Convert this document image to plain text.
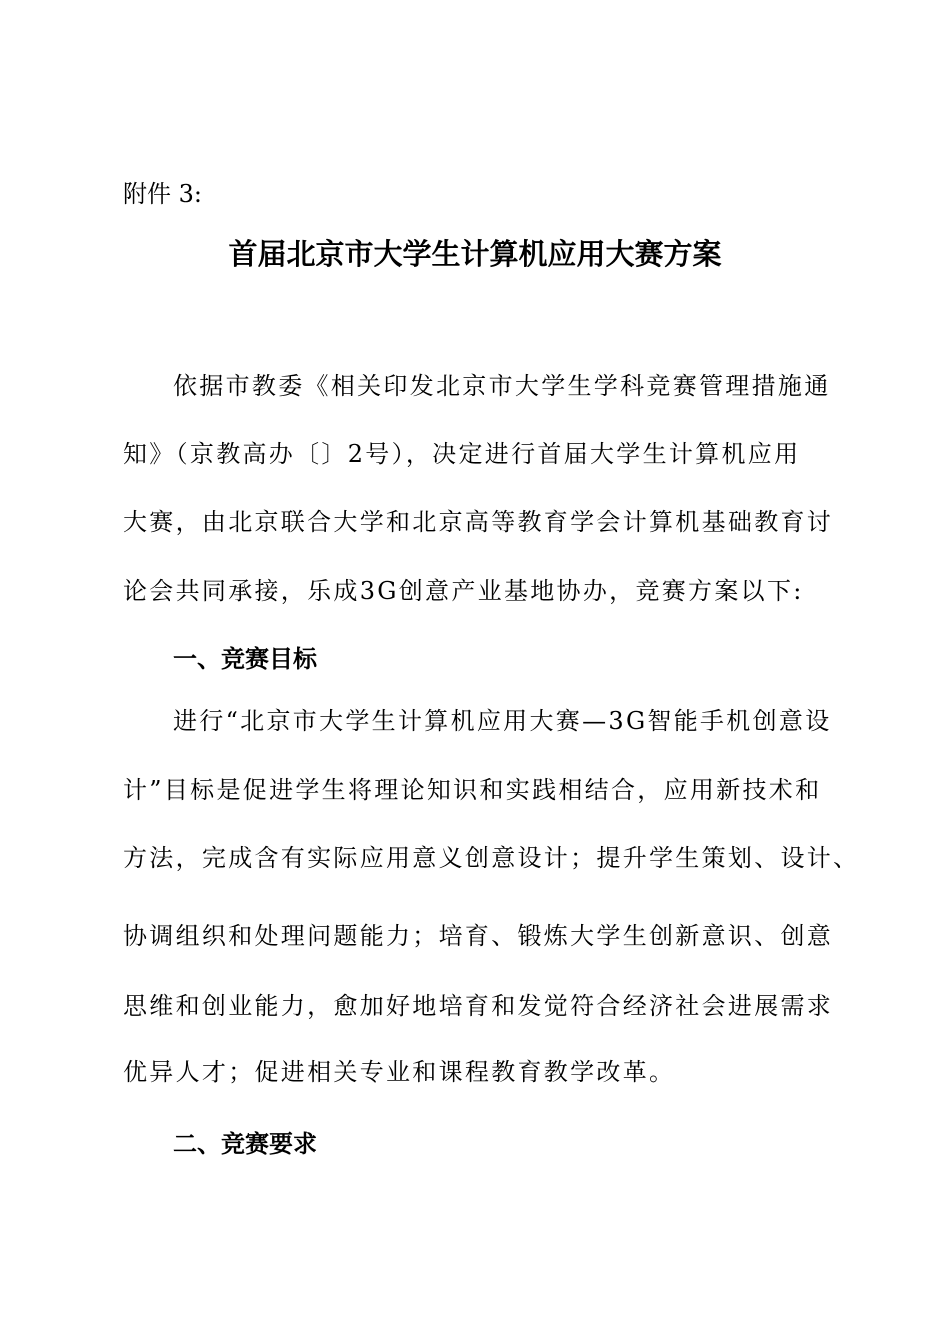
附件 3:
首届北京市大学生计算机应用大赛方案
依据市教委《相关印发北京市大学生学科竞赛管理措施通
知》（京教高办〔〕2号），决定进行首届大学生计算机应用
大赛，由北京联合大学和北京高等教育学会计算机基础教育讨
论会共同承接，乐成3G创意产业基地协办，竞赛方案以下:
一、竞赛目标
进行“北京市大学生计算机应用大赛—3G智能手机创意设
计”目标是促进学生将理论知识和实践相结合，应用新技术和
方法，完成含有实际应用意义创意设计；提升学生策划、设计、
协调组织和处理问题能力；培育、锻炼大学生创新意识、创意
思维和创业能力，愈加好地培育和发觉符合经济社会进展需求
优异人才；促进相关专业和课程教育教学改革。
二、竞赛要求
